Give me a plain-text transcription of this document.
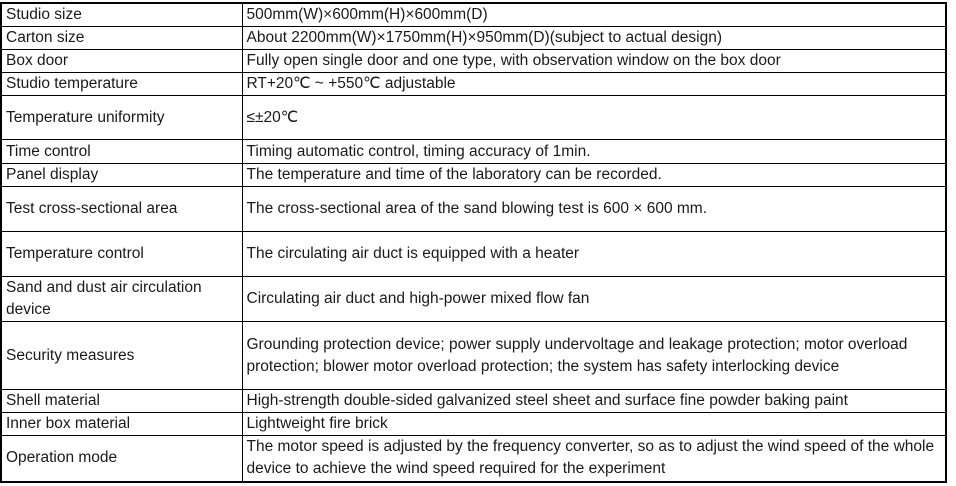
Studio size	500mm(W)×600mm(H)×600mm(D)
Carton size	About 2200mm(W)×1750mm(H)×950mm(D)(subject to actual design)
Box door	Fully open single door and one type, with observation window on the box door
Studio temperature	RT+20℃ ~ +550℃ adjustable
Temperature uniformity	≤±20℃
Time control	Timing automatic control, timing accuracy of 1min.
Panel display	The temperature and time of the laboratory can be recorded.
Test cross-sectional area	The cross-sectional area of the sand blowing test is 600 × 600 mm.
Temperature control	The circulating air duct is equipped with a heater
Sand and dust air circulation device	Circulating air duct and high-power mixed flow fan
Security measures	Grounding protection device; power supply undervoltage and leakage protection; motor overload protection; blower motor overload protection; the system has safety interlocking device
Shell material	High-strength double-sided galvanized steel sheet and surface fine powder baking paint
Inner box material	Lightweight fire brick
Operation mode	The motor speed is adjusted by the frequency converter, so as to adjust the wind speed of the whole device to achieve the wind speed required for the experiment
